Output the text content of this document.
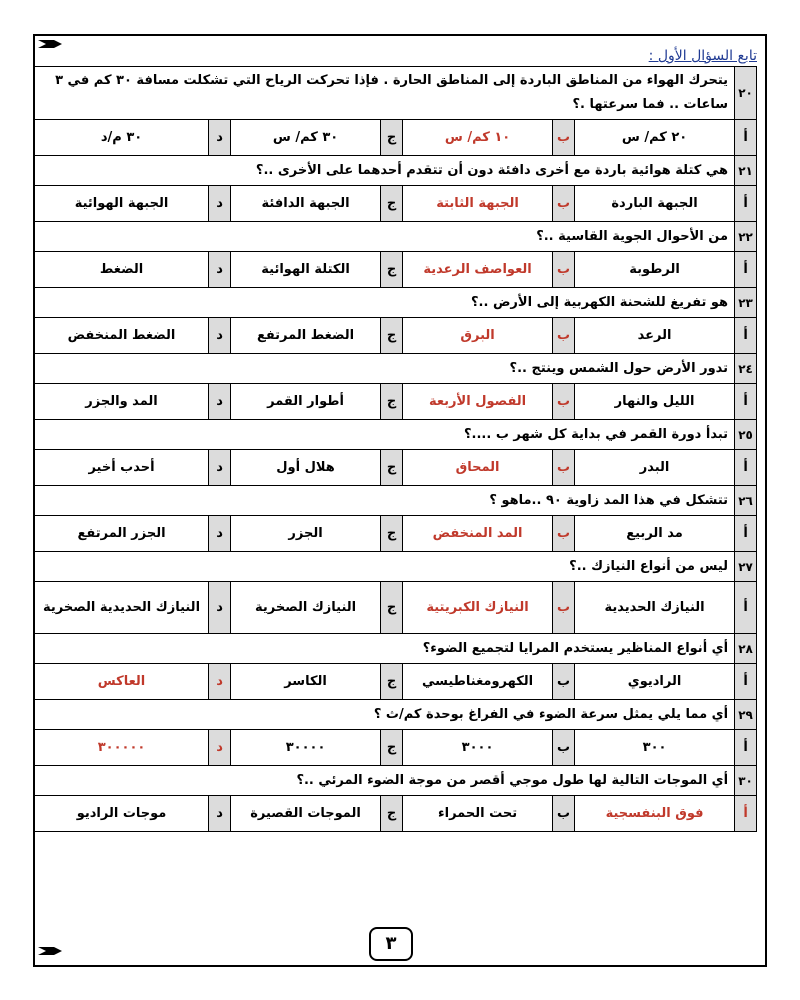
تابع السؤال الأول :
٢٠	يتحرك الهواء من المناطق الباردة إلى المناطق الحارة . فإذا تحركت الرياح التي تشكلت مسافة ٣٠ كم في ٣ ساعات .. فما سرعتها .؟						
أ	٢٠ كم/ س	ب	١٠ كم/ س	ج	٣٠ كم/ س	د	٣٠ م/د
٢١	هي كتلة هوائية باردة مع أخرى دافئة دون أن تتقدم أحدهما على الأخرى ..؟						
أ	الجبهة الباردة	ب	الجبهة الثابتة	ج	الجبهة الدافئة	د	الجبهة الهوائية
٢٢	من الأحوال الجوية القاسية ..؟						
أ	الرطوبة	ب	العواصف الرعدية	ج	الكتلة الهوائية	د	الضغط
٢٣	هو تفريغ للشحنة الكهربية إلى الأرض ..؟						
أ	الرعد	ب	البرق	ج	الضغط المرتفع	د	الضغط المنخفض
٢٤	تدور الأرض حول الشمس وينتج ..؟						
أ	الليل والنهار	ب	الفصول الأربعة	ج	أطوار القمر	د	المد والجزر
٢٥	تبدأ دورة القمر في بداية كل شهر ب ....؟						
أ	البدر	ب	المحاق	ج	هلال أول	د	أحدب أخير
٢٦	تتشكل في هذا المد زاوية ٩٠ ..ماهو ؟						
أ	مد الربيع	ب	المد المنخفض	ج	الجزر	د	الجزر المرتفع
٢٧	ليس من أنواع النيازك ..؟						
أ	النيازك الحديدية	ب	النيازك الكبريتية	ج	النيازك الصخرية	د	النيازك الحديدية الصخرية
٢٨	أي أنواع المناظير يستخدم المرايا لتجميع الضوء؟						
أ	الراديوي	ب	الكهرومغناطيسي	ج	الكاسر	د	العاكس
٢٩	أي مما يلي يمثل سرعة الضوء في الفراغ بوحدة كم/ث ؟						
أ	٣٠٠	ب	٣٠٠٠	ج	٣٠٠٠٠	د	٣٠٠٠٠٠
٣٠	أي الموجات التالية لها طول موجي أقصر من موجة الضوء المرئي ..؟						
أ	فوق البنفسجية	ب	تحت الحمراء	ج	الموجات القصيرة	د	موجات الراديو
٣
